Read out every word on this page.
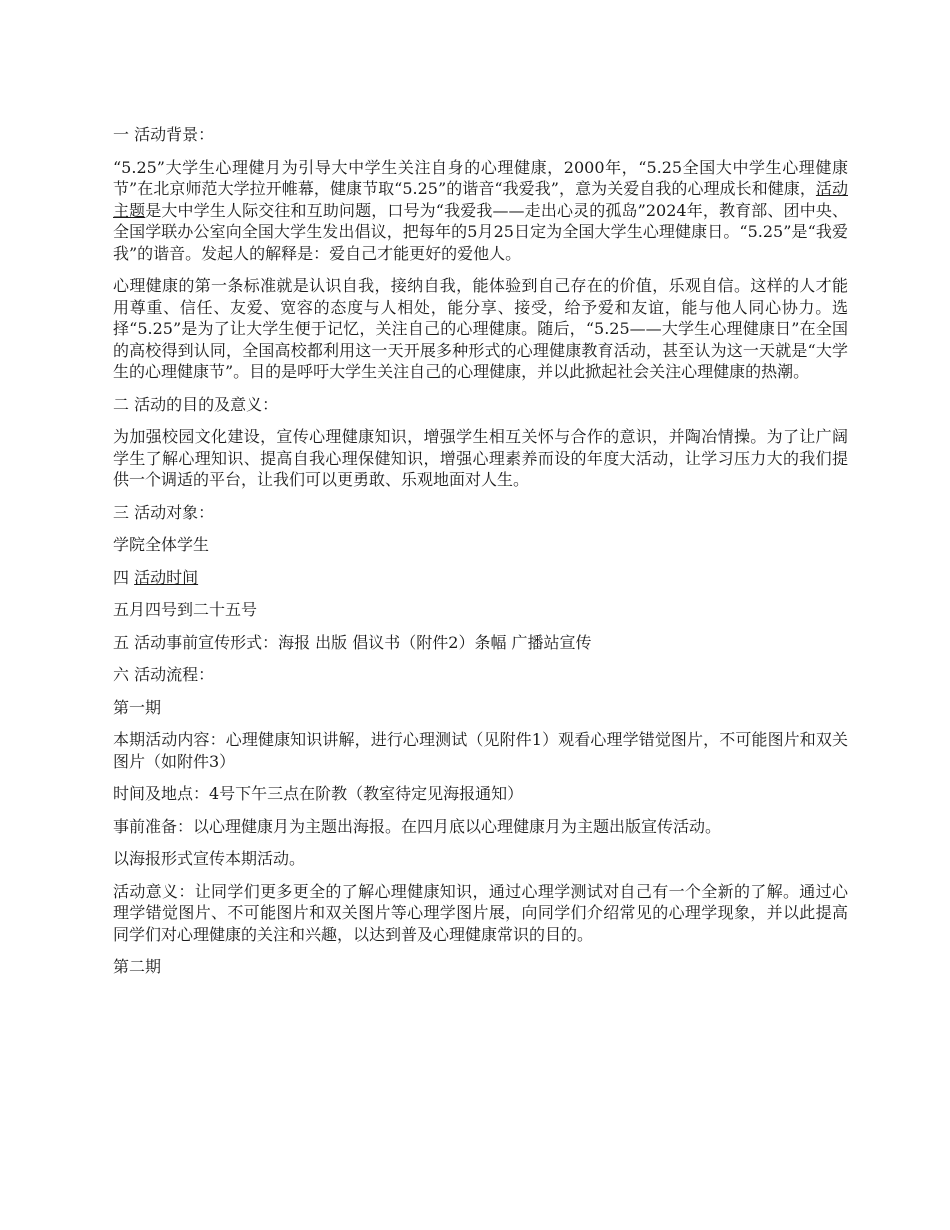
一 活动背景：

“5.25”大学生心理健月为引导大中学生关注自身的心理健康，2000年，“5.25全国大中学生心理健康节”在北京师范大学拉开帷幕，健康节取“5.25”的谐音“我爱我”，意为关爱自我的心理成长和健康，活动主题是大中学生人际交往和互助问题，口号为“我爱我——走出心灵的孤岛”2024年，教育部、团中央、全国学联办公室向全国大学生发出倡议，把每年的5月25日定为全国大学生心理健康日。“5.25”是“我爱我”的谐音。发起人的解释是：爱自己才能更好的爱他人。

心理健康的第一条标准就是认识自我，接纳自我，能体验到自己存在的价值，乐观自信。这样的人才能用尊重、信任、友爱、宽容的态度与人相处，能分享、接受，给予爱和友谊，能与他人同心协力。选择“5.25”是为了让大学生便于记忆，关注自己的心理健康。随后，“5.25——大学生心理健康日”在全国的高校得到认同，全国高校都利用这一天开展多种形式的心理健康教育活动，甚至认为这一天就是“大学生的心理健康节”。目的是呼吁大学生关注自己的心理健康，并以此掀起社会关注心理健康的热潮。

二 活动的目的及意义：

为加强校园文化建设，宣传心理健康知识，增强学生相互关怀与合作的意识，并陶冶情操。为了让广阔学生了解心理知识、提高自我心理保健知识，增强心理素养而设的年度大活动，让学习压力大的我们提供一个调适的平台，让我们可以更勇敢、乐观地面对人生。

三 活动对象：

学院全体学生

四 活动时间

五月四号到二十五号

五 活动事前宣传形式：海报 出版 倡议书（附件2）条幅 广播站宣传

六 活动流程：

第一期

本期活动内容：心理健康知识讲解，进行心理测试（见附件1）观看心理学错觉图片，不可能图片和双关图片（如附件3）

时间及地点：4号下午三点在阶教（教室待定见海报通知）

事前准备：以心理健康月为主题出海报。在四月底以心理健康月为主题出版宣传活动。

以海报形式宣传本期活动。

活动意义：让同学们更多更全的了解心理健康知识，通过心理学测试对自己有一个全新的了解。通过心理学错觉图片、不可能图片和双关图片等心理学图片展，向同学们介绍常见的心理学现象，并以此提高同学们对心理健康的关注和兴趣，以达到普及心理健康常识的目的。

第二期
